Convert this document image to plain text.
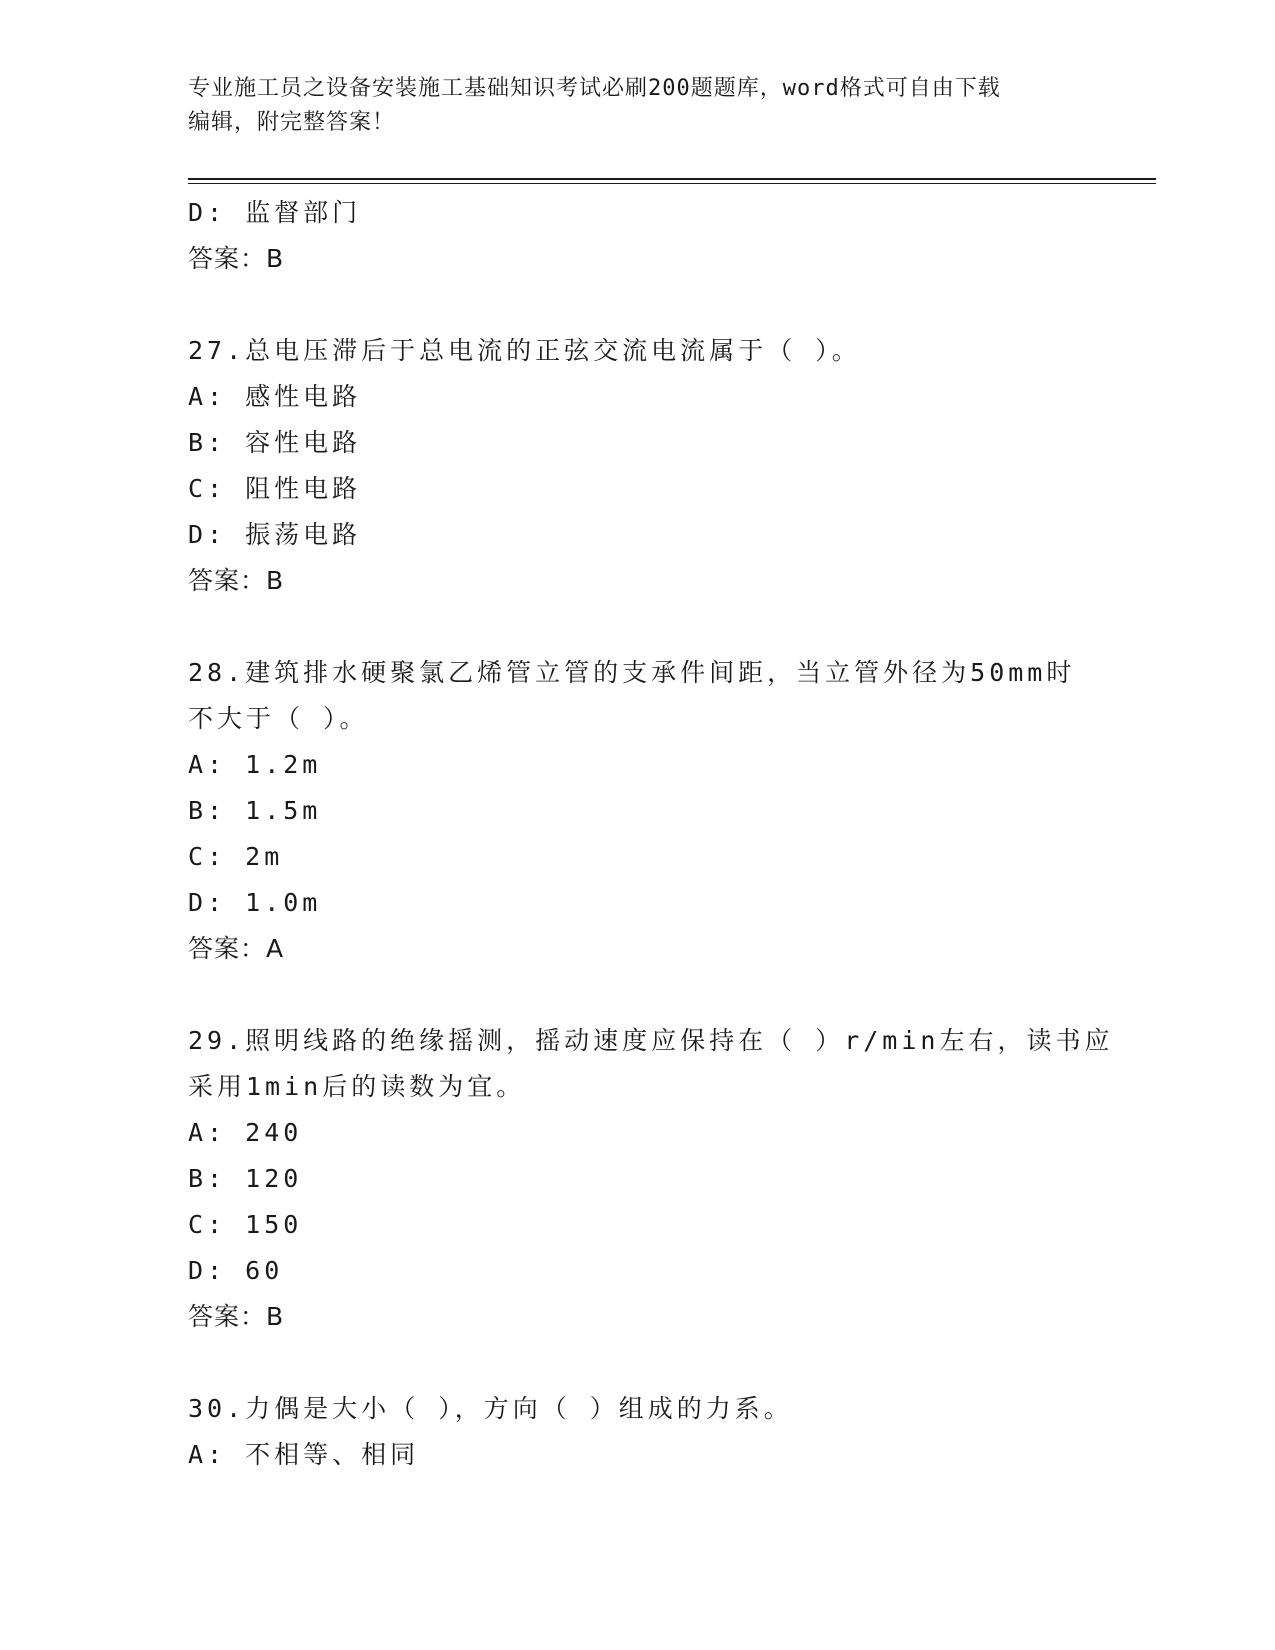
专业施工员之设备安装施工基础知识考试必刷200题题库，word格式可自由下载
编辑，附完整答案！
D: 监督部门
答案：B
27.总电压滞后于总电流的正弦交流电流属于（ ）。
A: 感性电路
B: 容性电路
C: 阻性电路
D: 振荡电路
答案：B
28.建筑排水硬聚氯乙烯管立管的支承件间距，当立管外径为50mm时
不大于（ ）。
A: 1.2m
B: 1.5m
C: 2m
D: 1.0m
答案：A
29.照明线路的绝缘摇测，摇动速度应保持在（ ）r/min左右，读书应
采用1min后的读数为宜。
A: 240
B: 120
C: 150
D: 60
答案：B
30.力偶是大小（ ），方向（ ）组成的力系。
A: 不相等、相同
